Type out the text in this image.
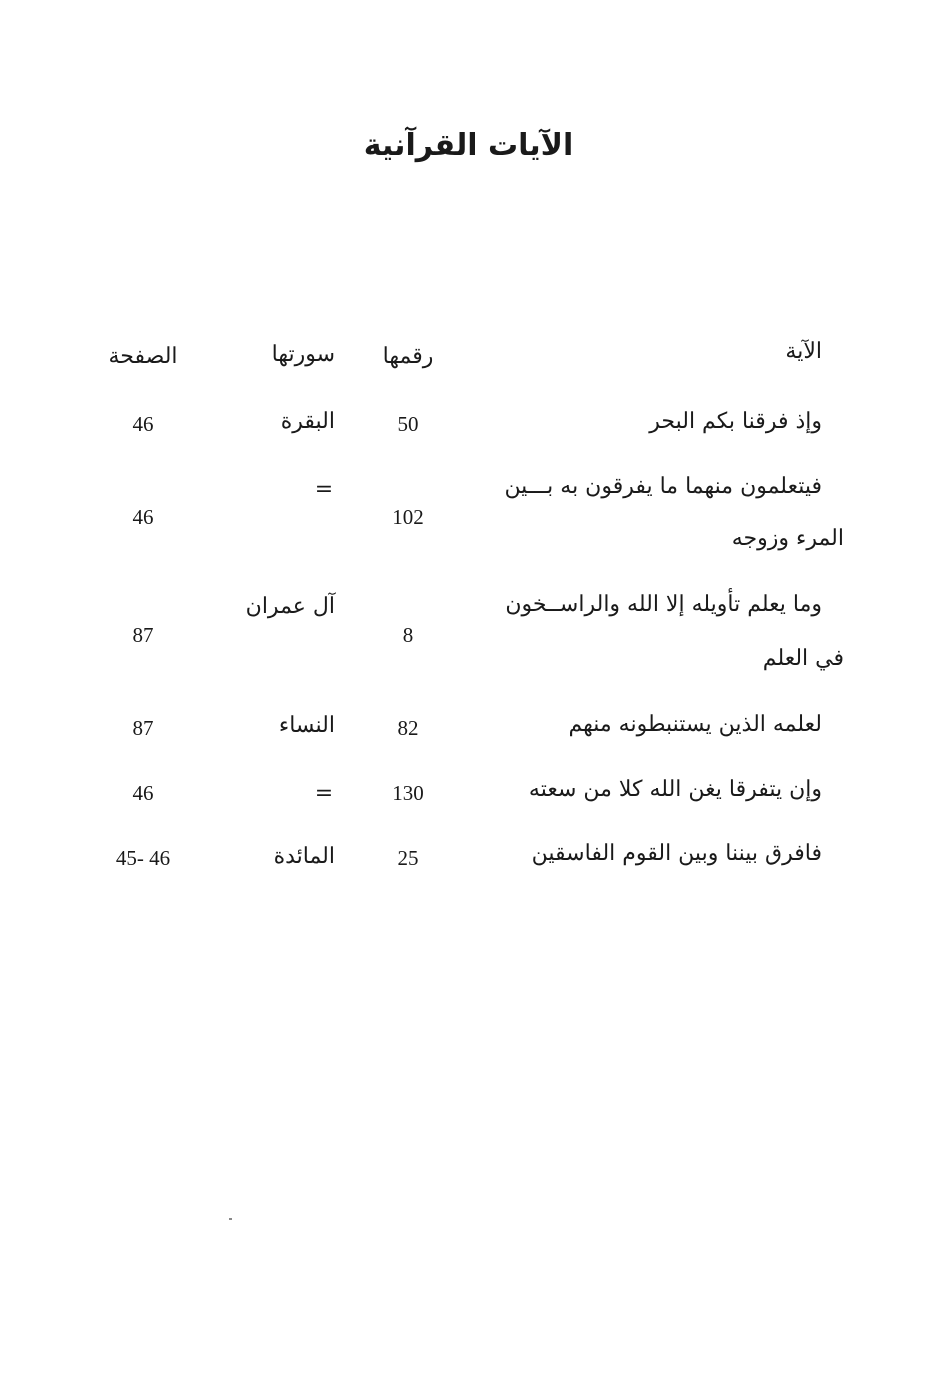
الآيات القرآنية
الآية
رقمها
سورتها
الصفحة
وإذ فرقنا بكم البحر
50
البقرة
46
فيتعلمون منهما ما يفرقون به بـــين
المرء وزوجه
102
=
46
وما يعلم تأويله إلا الله والراســخون
في العلم
8
آل عمران
87
لعلمه الذين يستنبطونه منهم
82
النساء
87
وإن يتفرقا يغن الله كلا من سعته
130
=
46
فافرق بيننا وبين القوم الفاسقين
25
المائدة
45- 46
